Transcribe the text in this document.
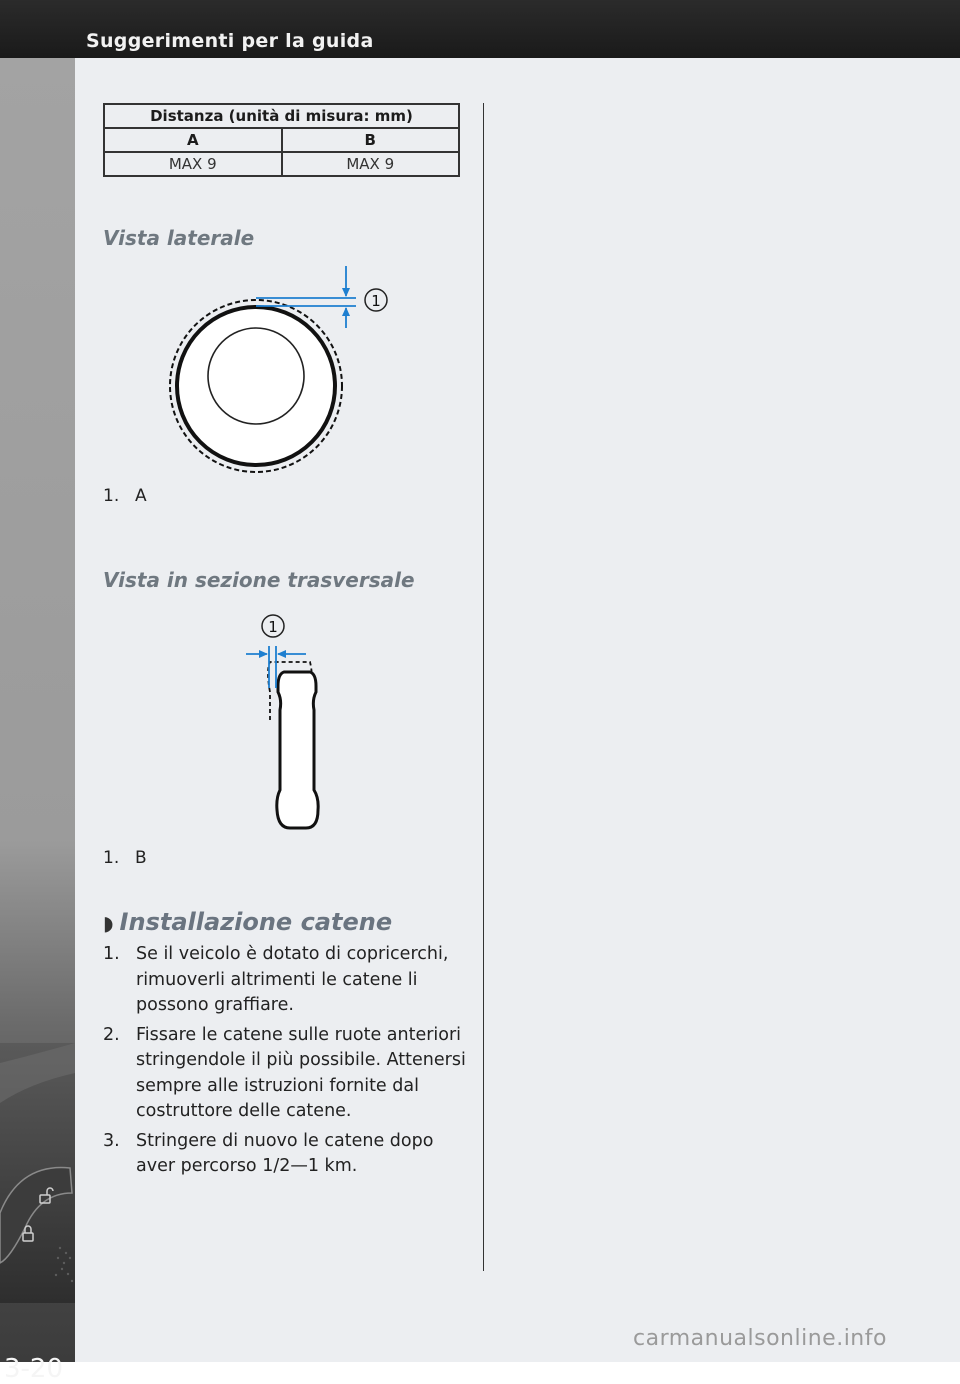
Suggerimenti per la guida
3-20
Distanza (unità di misura: mm)	
A	B
MAX 9	MAX 9
Vista laterale
1
1. A
Vista in sezione trasversale
1
1. B
◗ Installazione catene
1. Se il veicolo è dotato di copricerchi, rimuoverli altrimenti le catene li possono graffiare.
2. Fissare le catene sulle ruote anteriori stringendole il più possibile. Attenersi sempre alle istruzioni fornite dal costruttore delle catene.
3. Stringere di nuovo le catene dopo aver percorso 1/2—1 km.
carmanualsonline.info
